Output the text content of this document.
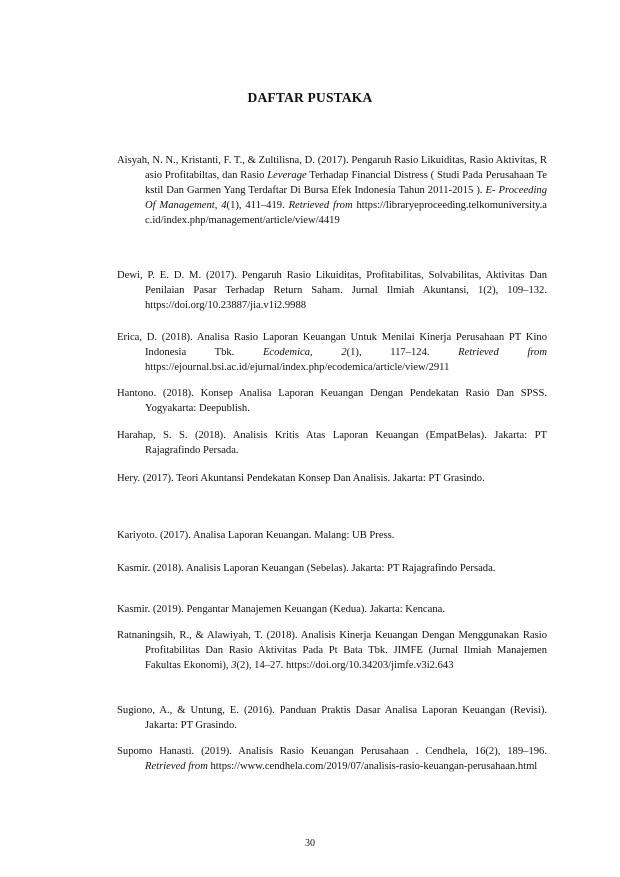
DAFTAR PUSTAKA

Aisyah, N. N., Kristanti, F. T., & Zultilisna, D. (2017). Pengaruh Rasio Likuiditas, Rasio Aktivitas, Rasio Profitabiltas, dan Rasio Leverage Terhadap Financial Distress ( Studi Pada Perusahaan Tekstil Dan Garmen Yang Terdaftar Di Bursa Efek Indonesia Tahun 2011-2015 ). E- Proceeding Of Management, 4(1), 411–419. Retrieved from https://libraryeproceeding.telkomuniversity.ac.id/index.php/management/article/view/4419

Dewi, P. E. D. M. (2017). Pengaruh Rasio Likuiditas, Profitabilitas, Solvabilitas, Aktivitas Dan Penilaian Pasar Terhadap Return Saham. Jurnal Ilmiah Akuntansi, 1(2), 109–132. https://doi.org/10.23887/jia.v1i2.9988

Erica, D. (2018). Analisa Rasio Laporan Keuangan Untuk Menilai Kinerja Perusahaan PT Kino Indonesia Tbk. Ecodemica, 2(1), 117–124. Retrieved from https://ejournal.bsi.ac.id/ejurnal/index.php/ecodemica/article/view/2911

Hantono. (2018). Konsep Analisa Laporan Keuangan Dengan Pendekatan Rasio Dan SPSS. Yogyakarta: Deepublish.

Harahap, S. S. (2018). Analisis Kritis Atas Laporan Keuangan (EmpatBelas). Jakarta: PT Rajagrafindo Persada.

Hery. (2017). Teori Akuntansi Pendekatan Konsep Dan Analisis. Jakarta: PT Grasindo.

Kariyoto. (2017). Analisa Laporan Keuangan. Malang: UB Press.

Kasmir. (2018). Analisis Laporan Keuangan (Sebelas). Jakarta: PT Rajagrafindo Persada.

Kasmir. (2019). Pengantar Manajemen Keuangan (Kedua). Jakarta: Kencana.

Ratnaningsih, R., & Alawiyah, T. (2018). Analisis Kinerja Keuangan Dengan Menggunakan Rasio Profitabilitas Dan Rasio Aktivitas Pada Pt Bata Tbk. JIMFE (Jurnal Ilmiah Manajemen Fakultas Ekonomi), 3(2), 14–27. https://doi.org/10.34203/jimfe.v3i2.643

Sugiono, A., & Untung, E. (2016). Panduan Praktis Dasar Analisa Laporan Keuangan (Revisi). Jakarta: PT Grasindo.

Supomo Hanasti. (2019). Analisis Rasio Keuangan Perusahaan . Cendhela, 16(2), 189–196. Retrieved from https://www.cendhela.com/2019/07/analisis-rasio-keuangan-perusahaan.html

30
